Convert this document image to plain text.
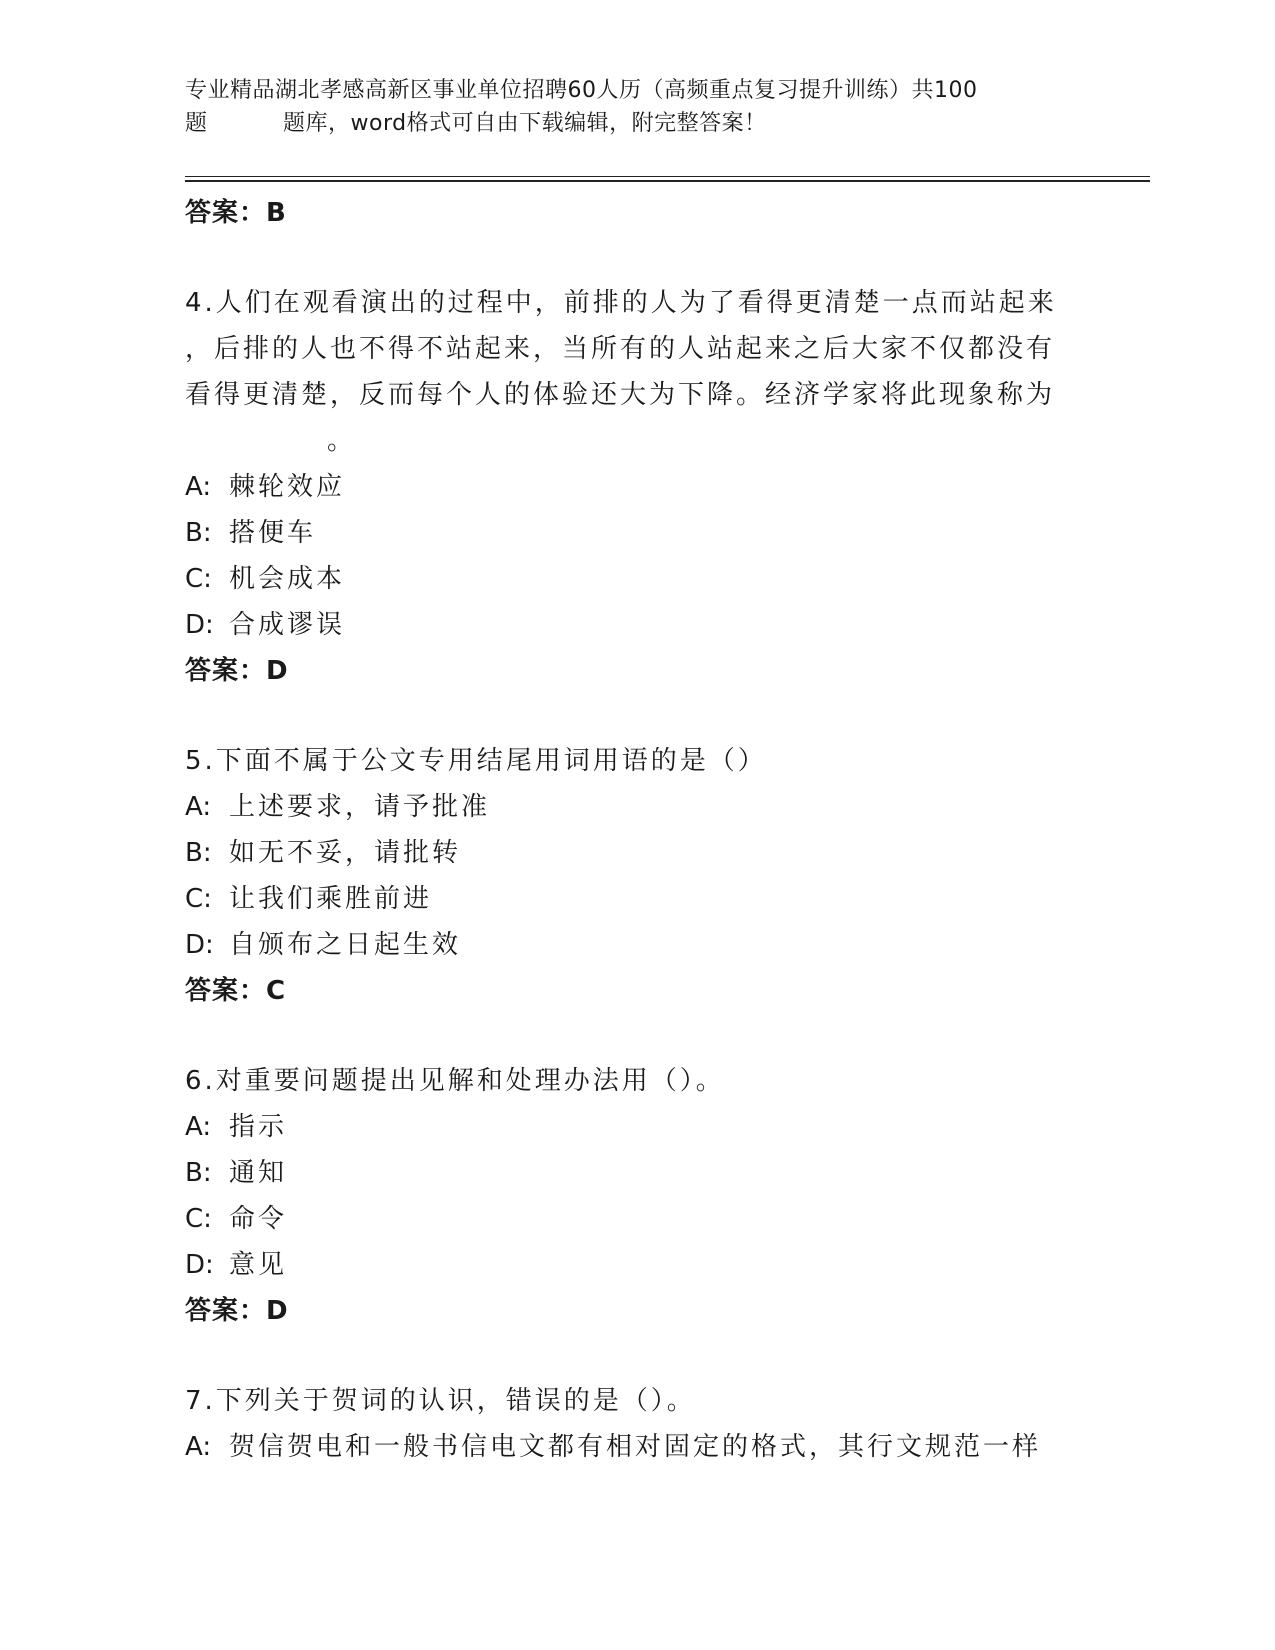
专业精品湖北孝感高新区事业单位招聘60人历（高频重点复习提升训练）共100
题	题库，word格式可自由下载编辑，附完整答案！
答案：B
4.人们在观看演出的过程中，前排的人为了看得更清楚一点而站起来
，后排的人也不得不站起来，当所有的人站起来之后大家不仅都没有
看得更清楚，反而每个人的体验还大为下降。经济学家将此现象称为
。
A: 棘轮效应
B: 搭便车
C: 机会成本
D: 合成谬误
答案：D
5.下面不属于公文专用结尾用词用语的是（）
A: 上述要求，请予批准
B: 如无不妥，请批转
C: 让我们乘胜前进
D: 自颁布之日起生效
答案：C
6.对重要问题提出见解和处理办法用（）。
A: 指示
B: 通知
C: 命令
D: 意见
答案：D
7.下列关于贺词的认识，错误的是（）。
A: 贺信贺电和一般书信电文都有相对固定的格式，其行文规范一样
